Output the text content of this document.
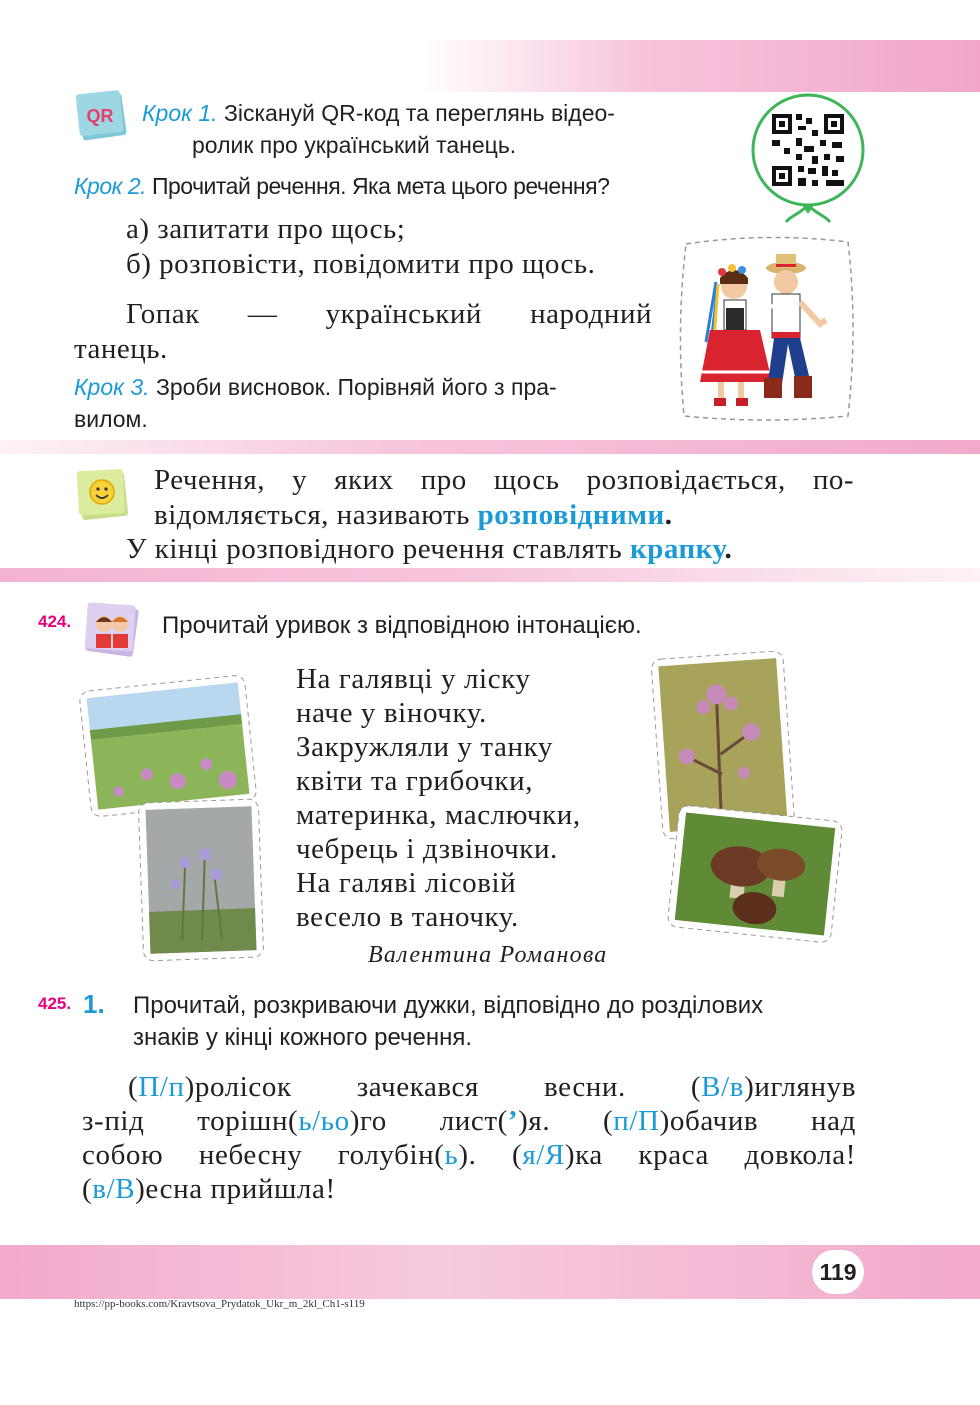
QR Крок 1. Зіскануй QR-код та переглянь відео-
ролик про український танець.
Крок 2. Прочитай речення. Яка мета цього речення?
а) запитати про щось;
б) розповісти, повідомити про щось.
Гопак — український народний
танець.
Крок 3. Зроби висновок. Порівняй його з пра-
вилом.
Речення, у яких про щось розповідається, по-
відомляється, називають розповідними.
У кінці розповідного речення ставлять крапку.
424.	Прочитай уривок з відповідною інтонацією.
На галявці у ліску
наче у віночку.
Закружляли у танку
квіти та грибочки,
материнка, маслючки,
чебрець і дзвіночки.
На галяві лісовій
весело в таночку.
Валентина Романова
425. 1. Прочитай, розкриваючи дужки, відповідно до розділових
знаків у кінці кожного речення.
(П/п)ролісок зачекався весни. (В/в)иглянув
з-під торішн(ь/ьо)го лист(’)я. (п/П)обачив над
собою небесну голубін(ь). (я/Я)ка краса довкола!
(в/В)есна прийшла!
119
https://pp-books.com/Kravtsova_Prydatok_Ukr_m_2kl_Ch1-s119
